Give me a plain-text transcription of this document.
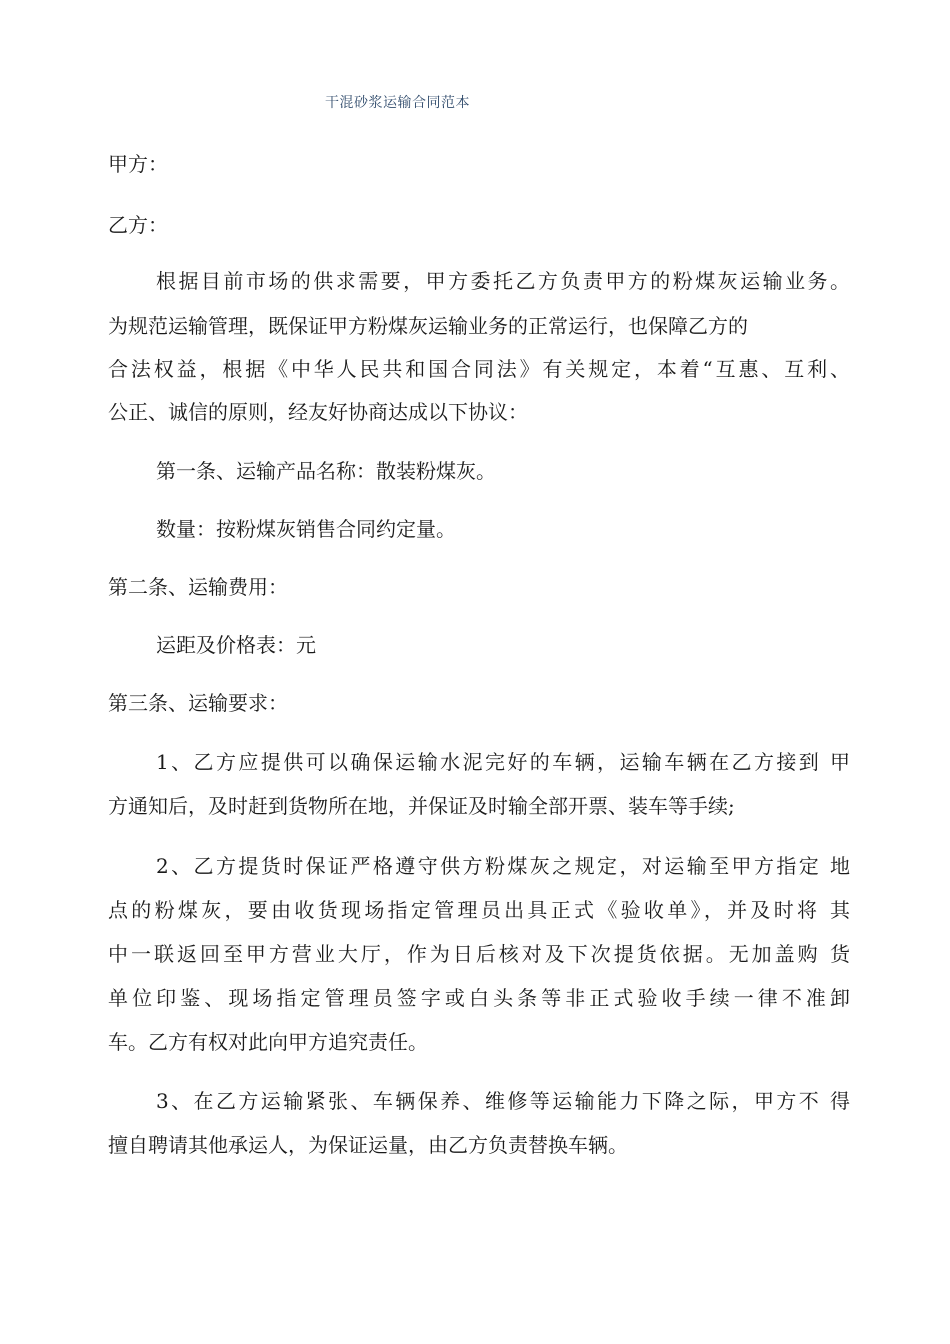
干混砂浆运输合同范本
甲方：
乙方：
根据目前市场的供求需要，甲方委托乙方负责甲方的粉煤灰运输业务。
为规范运输管理，既保证甲方粉煤灰运输业务的正常运行，也保障乙方的
合法权益，根据《中华人民共和国合同法》有关规定，本着“互惠、互利、
公正、诚信的原则，经友好协商达成以下协议：
第一条、运输产品名称：散装粉煤灰。
数量：按粉煤灰销售合同约定量。
第二条、运输费用：
运距及价格表：元
第三条、运输要求：
1、乙方应提供可以确保运输水泥完好的车辆，运输车辆在乙方接到 甲
方通知后，及时赶到货物所在地，并保证及时输全部开票、装车等手续;
2、乙方提货时保证严格遵守供方粉煤灰之规定，对运输至甲方指定 地
点的粉煤灰，要由收货现场指定管理员出具正式《验收单》，并及时将 其
中一联返回至甲方营业大厅，作为日后核对及下次提货依据。无加盖购 货
单位印鉴、现场指定管理员签字或白头条等非正式验收手续一律不准卸
车。乙方有权对此向甲方追究责任。
3、在乙方运输紧张、车辆保养、维修等运输能力下降之际，甲方不 得
擅自聘请其他承运人，为保证运量，由乙方负责替换车辆。
